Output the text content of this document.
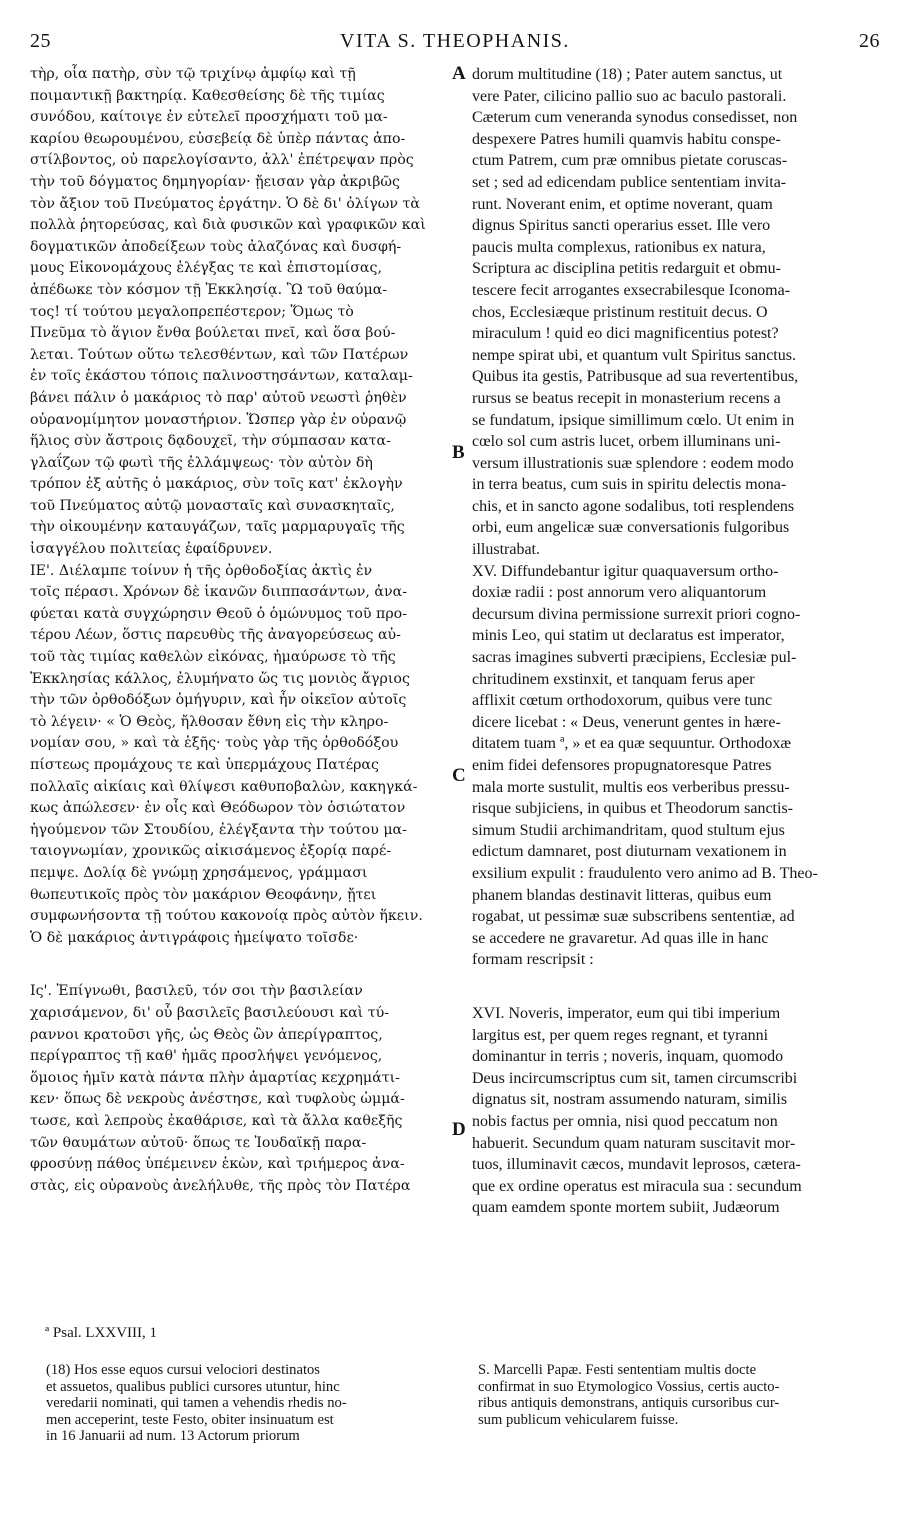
VITA S. THEOPHANIS.
25	26
τὴρ, οἷα πατὴρ, σὺν τῷ τριχίνῳ ἀμφίῳ καὶ τῇ
ποιμαντικῇ βακτηρίᾳ. Καθεσθείσης δὲ τῆς τιμίας
συνόδου, καίτοιγε ἐν εὐτελεῖ προσχήματι τοῦ μα-
καρίου θεωρουμένου, εὐσεβείᾳ δὲ ὑπὲρ πάντας ἀπο-
στίλβοντος, οὐ παρελογίσαντο, ἀλλ' ἐπέτρεψαν πρὸς
τὴν τοῦ δόγματος δημηγορίαν· ᾔεισαν γὰρ ἀκριβῶς
τὸν ἄξιον τοῦ Πνεύματος ἐργάτην. Ὁ δὲ δι' ὀλίγων τὰ
πολλὰ ῥητορεύσας, καὶ διὰ φυσικῶν καὶ γραφικῶν καὶ
δογματικῶν ἀποδείξεων τοὺς ἀλαζόνας καὶ δυσφή-
μους Εἰκονομάχους ἐλέγξας τε καὶ ἐπιστομίσας,
ἀπέδωκε τὸν κόσμον τῇ Ἐκκλησίᾳ. Ὢ τοῦ θαύμα-
τος! τί τούτου μεγαλοπρεπέστερον; Ὅμως τὸ
Πνεῦμα τὸ ἅγιον ἔνθα βούλεται πνεῖ, καὶ ὅσα βού-
λεται. Τούτων οὕτω τελεσθέντων, καὶ τῶν Πατέρων
ἐν τοῖς ἑκάστου τόποις παλινοστησάντων, καταλαμ-
βάνει πάλιν ὁ μακάριος τὸ παρ' αὐτοῦ νεωστὶ ῥηθὲν
οὐρανομίμητον μοναστήριον. Ὥσπερ γὰρ ἐν οὐρανῷ
ἥλιος σὺν ἄστροις δᾳδουχεῖ, τὴν σύμπασαν κατα-
γλαΐζων τῷ φωτὶ τῆς ἐλλάμψεως· τὸν αὐτὸν δὴ
τρόπον ἐξ αὐτῆς ὁ μακάριος, σὺν τοῖς κατ' ἐκλογὴν
τοῦ Πνεύματος αὐτῷ μονασταῖς καὶ συνασκηταῖς,
τὴν οἰκουμένην καταυγάζων, ταῖς μαρμαρυγαῖς τῆς
ἰσαγγέλου πολιτείας ἐφαίδρυνεν.
ΙΕ'. Διέλαμπε τοίνυν ἡ τῆς ὀρθοδοξίας ἀκτὶς ἐν
τοῖς πέρασι. Χρόνων δὲ ἱκανῶν διιππασάντων, ἀνα-
φύεται κατὰ συγχώρησιν Θεοῦ ὁ ὁμώνυμος τοῦ προ-
τέρου Λέων, ὅστις παρευθὺς τῆς ἀναγορεύσεως αὐ-
τοῦ τὰς τιμίας καθελὼν εἰκόνας, ἠμαύρωσε τὸ τῆς
Ἐκκλησίας κάλλος, ἐλυμήνατο ὥς τις μονιὸς ἄγριος
τὴν τῶν ὀρθοδόξων ὁμήγυριν, καὶ ἦν οἰκεῖον αὐτοῖς
τὸ λέγειν· « Ὁ Θεὸς, ἤλθοσαν ἔθνη εἰς τὴν κληρο-
νομίαν σου, » καὶ τὰ ἑξῆς· τοὺς γὰρ τῆς ὀρθοδόξου
πίστεως προμάχους τε καὶ ὑπερμάχους Πατέρας
πολλαῖς αἰκίαις καὶ θλίψεσι καθυποβαλὼν, κακηγκά-
κως ἀπώλεσεν· ἐν οἷς καὶ Θεόδωρον τὸν ὁσιώτατον
ἡγούμενον τῶν Στουδίου, ἐλέγξαντα τὴν τούτου μα-
ταιογνωμίαν, χρονικῶς αἰκισάμενος ἐξορίᾳ παρέ-
πεμψε. Δολίᾳ δὲ γνώμῃ χρησάμενος, γράμμασι
θωπευτικοῖς πρὸς τὸν μακάριον Θεοφάνην, ᾔτει
συμφωνήσοντα τῇ τούτου κακονοίᾳ πρὸς αὐτὸν ἥκειν.
Ὁ δὲ μακάριος ἀντιγράφοις ἠμείψατο τοῖσδε·
Ις'. Ἐπίγνωθι, βασιλεῦ, τόν σοι τὴν βασιλείαν
χαρισάμενον, δι' οὗ βασιλεῖς βασιλεύουσι καὶ τύ-
ραννοι κρατοῦσι γῆς, ὡς Θεὸς ὢν ἀπερίγραπτος,
περίγραπτος τῇ καθ' ἡμᾶς προσλήψει γενόμενος,
ὅμοιος ἡμῖν κατὰ πάντα πλὴν ἁμαρτίας κεχρημάτι-
κεν· ὅπως δὲ νεκροὺς ἀνέστησε, καὶ τυφλοὺς ὠμμά-
τωσε, καὶ λεπροὺς ἐκαθάρισε, καὶ τὰ ἄλλα καθεξῆς
τῶν θαυμάτων αὐτοῦ· ὅπως τε Ἰουδαϊκῇ παρα-
φροσύνῃ πάθος ὑπέμεινεν ἑκὼν, καὶ τριήμερος ἀνα-
στὰς, εἰς οὐρανοὺς ἀνελήλυθε, τῆς πρὸς τὸν Πατέρα
dorum multitudine (18) ; Pater autem sanctus, ut
vere Pater, cilicino pallio suo ac baculo pastorali.
Cæterum cum veneranda synodus consedisset, non
despexere Patres humili quamvis habitu conspe-
ctum Patrem, cum præ omnibus pietate coruscas-
set ; sed ad edicendam publice sententiam invita-
runt. Noverant enim, et optime noverant, quam
dignus Spiritus sancti operarius esset. Ille vero
paucis multa complexus, rationibus ex natura,
Scriptura ac disciplina petitis redarguit et obmu-
tescere fecit arrogantes exsecrabilesque Iconoma-
chos, Ecclesiæque pristinum restituit decus. O
miraculum ! quid eo dici magnificentius potest?
nempe spirat ubi, et quantum vult Spiritus sanctus.
Quibus ita gestis, Patribusque ad sua revertentibus,
rursus se beatus recepit in monasterium recens a
se fundatum, ipsique simillimum cœlo. Ut enim in
cœlo sol cum astris lucet, orbem illuminans uni-
versum illustrationis suæ splendore : eodem modo
in terra beatus, cum suis in spiritu delectis mona-
chis, et in sancto agone sodalibus, toti resplendens
orbi, eum angelicæ suæ conversationis fulgoribus
illustrabat.
XV. Diffundebantur igitur quaquaversum ortho-
doxiæ radii : post annorum vero aliquantorum
decursum divina permissione surrexit priori cogno-
minis Leo, qui statim ut declaratus est imperator,
sacras imagines subverti præcipiens, Ecclesiæ pul-
chritudinem exstinxit, et tanquam ferus aper
afflixit cœtum orthodoxorum, quibus vere tunc
dicere licebat : « Deus, venerunt gentes in hære-
ditatem tuam ª, » et ea quæ sequuntur. Orthodoxæ
enim fidei defensores propugnatoresque Patres
mala morte sustulit, multis eos verberibus pressu-
risque subjiciens, in quibus et Theodorum sanctis-
simum Studii archimandritam, quod stultum ejus
edictum damnaret, post diuturnam vexationem in
exsilium expulit : fraudulento vero animo ad B. Theo-
phanem blandas destinavit litteras, quibus eum
rogabat, ut pessimæ suæ subscribens sententiæ, ad
se accedere ne gravaretur. Ad quas ille in hanc
formam rescripsit :
XVI. Noveris, imperator, eum qui tibi imperium
largitus est, per quem reges regnant, et tyranni
dominantur in terris ; noveris, inquam, quomodo
Deus incircumscriptus cum sit, tamen circumscribi
dignatus sit, nostram assumendo naturam, similis
nobis factus per omnia, nisi quod peccatum non
habuerit. Secundum quam naturam suscitavit mor-
tuos, illuminavit cæcos, mundavit leprosos, cætera-
que ex ordine operatus est miracula sua : secundum
quam eamdem sponte mortem subiit, Judæorum
A
B
C
D
ª Psal. LXXVIII, 1
(18) Hos esse equos cursui velociori destinatos
et assuetos, qualibus publici cursores utuntur, hinc
veredarii nominati, qui tamen a vehendis rhedis no-
men acceperint, teste Festo, obiter insinuatum est
in 16 Januarii ad num. 13 Actorum priorum
S. Marcelli Papæ. Festi sententiam multis docte
confirmat in suo Etymologico Vossius, certis aucto-
ribus antiquis demonstrans, antiquis cursoribus cur-
sum publicum vehicularem fuisse.
